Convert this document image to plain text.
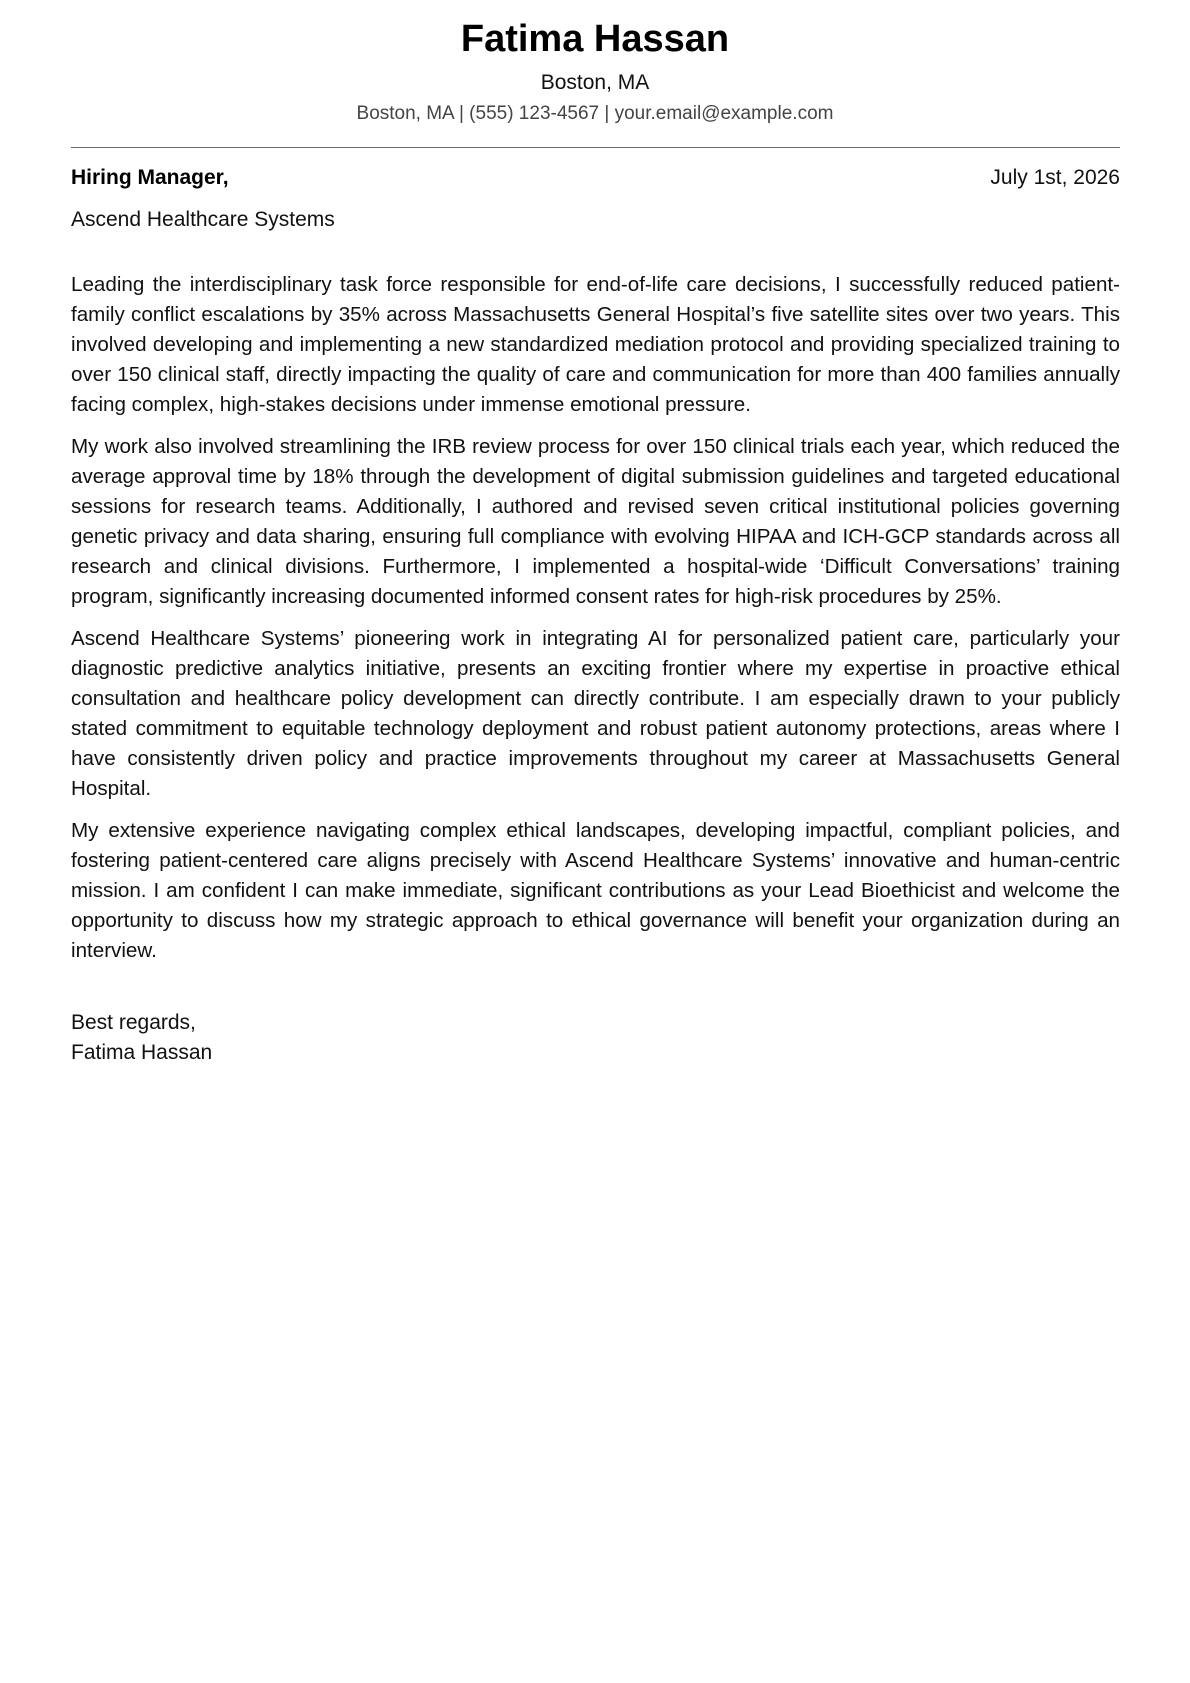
Fatima Hassan
Boston, MA
Boston, MA | (555) 123-4567 | your.email@example.com
Hiring Manager,	July 1st, 2026
Ascend Healthcare Systems

Leading the interdisciplinary task force responsible for end-of-life care decisions, I successfully reduced patient-family conflict escalations by 35% across Massachusetts General Hospital’s five satellite sites over two years. This involved developing and implementing a new standardized mediation protocol and providing specialized training to over 150 clinical staff, directly impacting the quality of care and communication for more than 400 families annually facing complex, high-stakes decisions under immense emotional pressure.

My work also involved streamlining the IRB review process for over 150 clinical trials each year, which reduced the average approval time by 18% through the development of digital submission guidelines and targeted educational sessions for research teams. Additionally, I authored and revised seven critical institutional policies governing genetic privacy and data sharing, ensuring full compliance with evolving HIPAA and ICH-GCP standards across all research and clinical divisions. Furthermore, I implemented a hospital-wide ‘Difficult Conversations’ training program, significantly increasing documented informed consent rates for high-risk procedures by 25%.

Ascend Healthcare Systems’ pioneering work in integrating AI for personalized patient care, particularly your diagnostic predictive analytics initiative, presents an exciting frontier where my expertise in proactive ethical consultation and healthcare policy development can directly contribute. I am especially drawn to your publicly stated commitment to equitable technology deployment and robust patient autonomy protections, areas where I have consistently driven policy and practice improvements throughout my career at Massachusetts General Hospital.

My extensive experience navigating complex ethical landscapes, developing impactful, compliant policies, and fostering patient-centered care aligns precisely with Ascend Healthcare Systems’ innovative and human-centric mission. I am confident I can make immediate, significant contributions as your Lead Bioethicist and welcome the opportunity to discuss how my strategic approach to ethical governance will benefit your organization during an interview.

Best regards,
Fatima Hassan
